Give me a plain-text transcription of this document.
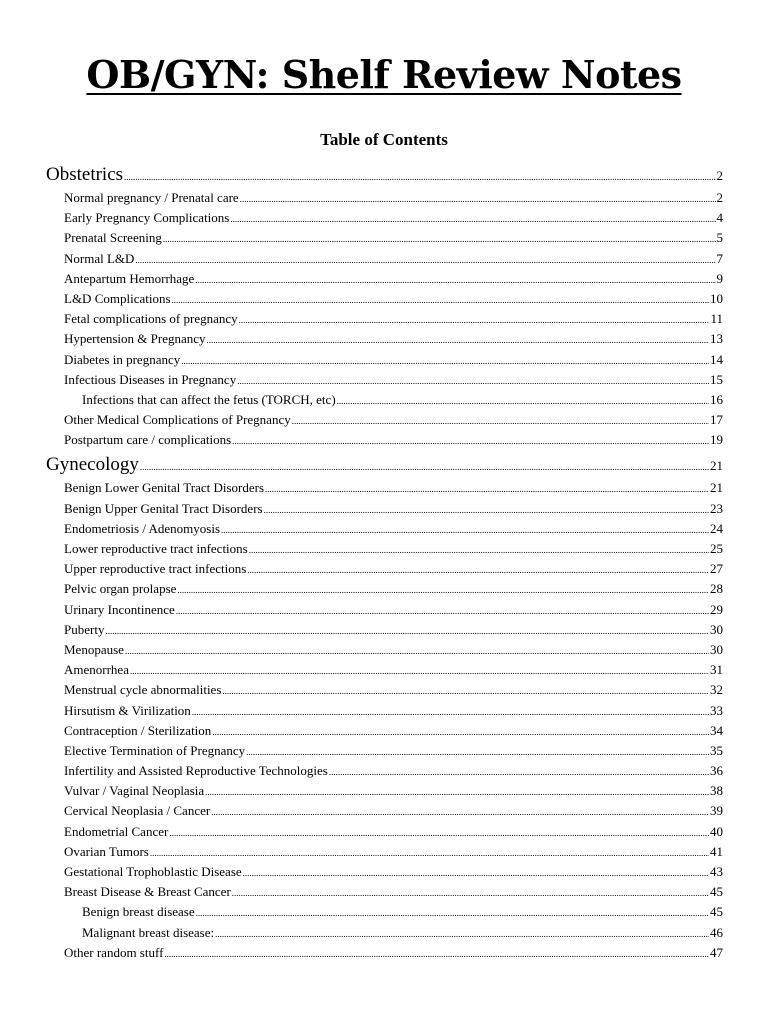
OB/GYN: Shelf Review Notes
Table of Contents
Obstetrics .....	2
Normal pregnancy / Prenatal care .....	2
Early Pregnancy Complications .....	4
Prenatal Screening .....	5
Normal L&D .....	7
Antepartum Hemorrhage .....	9
L&D Complications .....	10
Fetal complications of pregnancy .....	11
Hypertension & Pregnancy .....	13
Diabetes in pregnancy .....	14
Infectious Diseases in Pregnancy .....	15
Infections that can affect the fetus (TORCH, etc) .....	16
Other Medical Complications of Pregnancy .....	17
Postpartum care / complications .....	19
Gynecology .....	21
Benign Lower Genital Tract Disorders .....	21
Benign Upper Genital Tract Disorders .....	23
Endometriosis / Adenomyosis .....	24
Lower reproductive tract infections .....	25
Upper reproductive tract infections .....	27
Pelvic organ prolapse .....	28
Urinary Incontinence .....	29
Puberty .....	30
Menopause .....	30
Amenorrhea .....	31
Menstrual cycle abnormalities .....	32
Hirsutism & Virilization .....	33
Contraception / Sterilization .....	34
Elective Termination of Pregnancy .....	35
Infertility and Assisted Reproductive Technologies .....	36
Vulvar / Vaginal Neoplasia .....	38
Cervical Neoplasia / Cancer .....	39
Endometrial Cancer .....	40
Ovarian Tumors .....	41
Gestational Trophoblastic Disease .....	43
Breast Disease & Breast Cancer .....	45
Benign breast disease .....	45
Malignant breast disease: .....	46
Other random stuff .....	47
